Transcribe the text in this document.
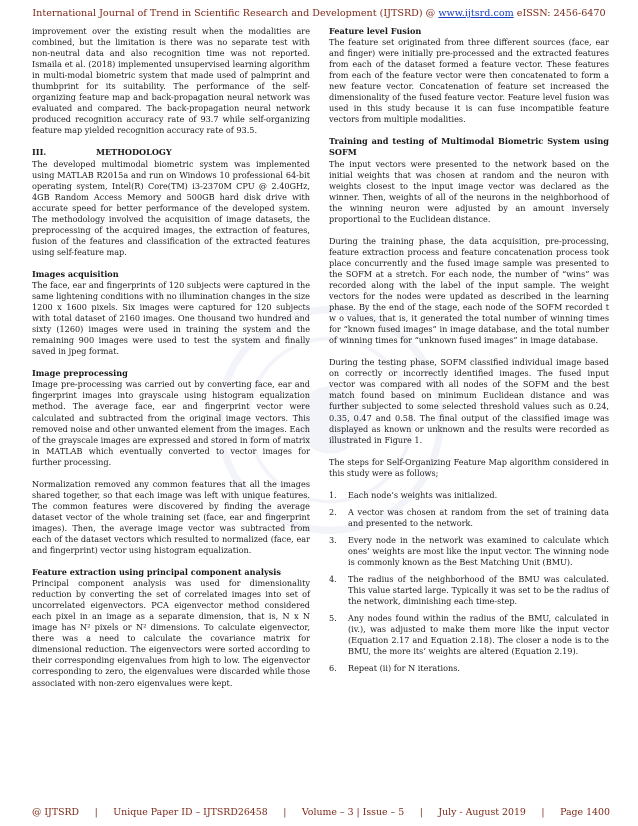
International Journal of Trend in Scientific Research and Development (IJTSRD) @ www.ijtsrd.com eISSN: 2456-6470

improvement over the existing result when the modalities are combined, but the limitation is there was no separate test with non-neutral data and also recognition time was not reported. Ismaila et al. (2018) implemented unsupervised learning algorithm in multi-modal biometric system that made used of palmprint and thumbprint for its suitability. The performance of the self-organizing feature map and back-propagation neural network was evaluated and compared. The back-propagation neural network produced recognition accuracy rate of 93.7 while self-organizing feature map yielded recognition accuracy rate of 93.5.

III.	METHODOLOGY

The developed multimodal biometric system was implemented using MATLAB R2015a and run on Windows 10 professional 64-bit operating system, Intel(R) Core(TM) i3-2370M CPU @ 2.40GHz, 4GB Random Access Memory and 500GB hard disk drive with accurate speed for better performance of the developed system. The methodology involved the acquisition of image datasets, the preprocessing of the acquired images, the extraction of features, fusion of the features and classification of the extracted features using self-feature map.

Images acquisition

The face, ear and fingerprints of 120 subjects were captured in the same lightening conditions with no illumination changes in the size 1200 x 1600 pixels. Six images were captured for 120 subjects with total dataset of 2160 images. One thousand two hundred and sixty (1260) images were used in training the system and the remaining 900 images were used to test the system and finally saved in jpeg format.

Image preprocessing

Image pre-processing was carried out by converting face, ear and fingerprint images into grayscale using histogram equalization method. The average face, ear and fingerprint vector were calculated and subtracted from the original image vectors. This removed noise and other unwanted element from the images. Each of the grayscale images are expressed and stored in form of matrix in MATLAB which eventually converted to vector images for further processing.

Normalization removed any common features that all the images shared together, so that each image was left with unique features. The common features were discovered by finding the average dataset vector of the whole training set (face, ear and fingerprint images). Then, the average image vector was subtracted from each of the dataset vectors which resulted to normalized (face, ear and fingerprint) vector using histogram equalization.

Feature extraction using principal component analysis

Principal component analysis was used for dimensionality reduction by converting the set of correlated images into set of uncorrelated eigenvectors. PCA eigenvector method considered each pixel in an image as a separate dimension, that is, N x N image has N² pixels or N² dimensions. To calculate eigenvector, there was a need to calculate the covariance matrix for dimensional reduction. The eigenvectors were sorted according to their corresponding eigenvalues from high to low. The eigenvector corresponding to zero, the eigenvalues were discarded while those associated with non-zero eigenvalues were kept.

Feature level Fusion

The feature set originated from three different sources (face, ear and finger) were initially pre-processed and the extracted features from each of the dataset formed a feature vector. These features from each of the feature vector were then concatenated to form a new feature vector. Concatenation of feature set increased the dimensionality of the fused feature vector. Feature level fusion was used in this study because it is can fuse incompatible feature vectors from multiple modalities.

Training and testing of Multimodal Biometric System using SOFM

The input vectors were presented to the network based on the initial weights that was chosen at random and the neuron with weights closest to the input image vector was declared as the winner. Then, weights of all of the neurons in the neighborhood of the winning neuron were adjusted by an amount inversely proportional to the Euclidean distance.

During the training phase, the data acquisition, pre-processing, feature extraction process and feature concatenation process took place concurrently and the fused image sample was presented to the SOFM at a stretch. For each node, the number of “wins” was recorded along with the label of the input sample. The weight vectors for the nodes were updated as described in the learning phase. By the end of the stage, each node of the SOFM recorded t w o values, that is, it generated the total number of winning times for “known fused images” in image database, and the total number of winning times for “unknown fused images” in image database.

During the testing phase, SOFM classified individual image based on correctly or incorrectly identified images. The fused input vector was compared with all nodes of the SOFM and the best match found based on minimum Euclidean distance and was further subjected to some selected threshold values such as 0.24, 0.35, 0.47 and 0.58. The final output of the classified image was displayed as known or unknown and the results were recorded as illustrated in Figure 1.

The steps for Self-Organizing Feature Map algorithm considered in this study were as follows;

1.	Each node’s weights was initialized.
2.	A vector was chosen at random from the set of training data and presented to the network.
3.	Every node in the network was examined to calculate which ones’ weights are most like the input vector. The winning node is commonly known as the Best Matching Unit (BMU).
4.	The radius of the neighborhood of the BMU was calculated. This value started large. Typically it was set to be the radius of the network, diminishing each time-step.
5.	Any nodes found within the radius of the BMU, calculated in (iv.), was adjusted to make them more like the input vector (Equation 2.17 and Equation 2.18). The closer a node is to the BMU, the more its’ weights are altered (Equation 2.19).
6.	Repeat (ii) for N iterations.
@ IJTSRD | Unique Paper ID – IJTSRD26458 | Volume – 3 | Issue – 5 | July - August 2019 | Page 1400
